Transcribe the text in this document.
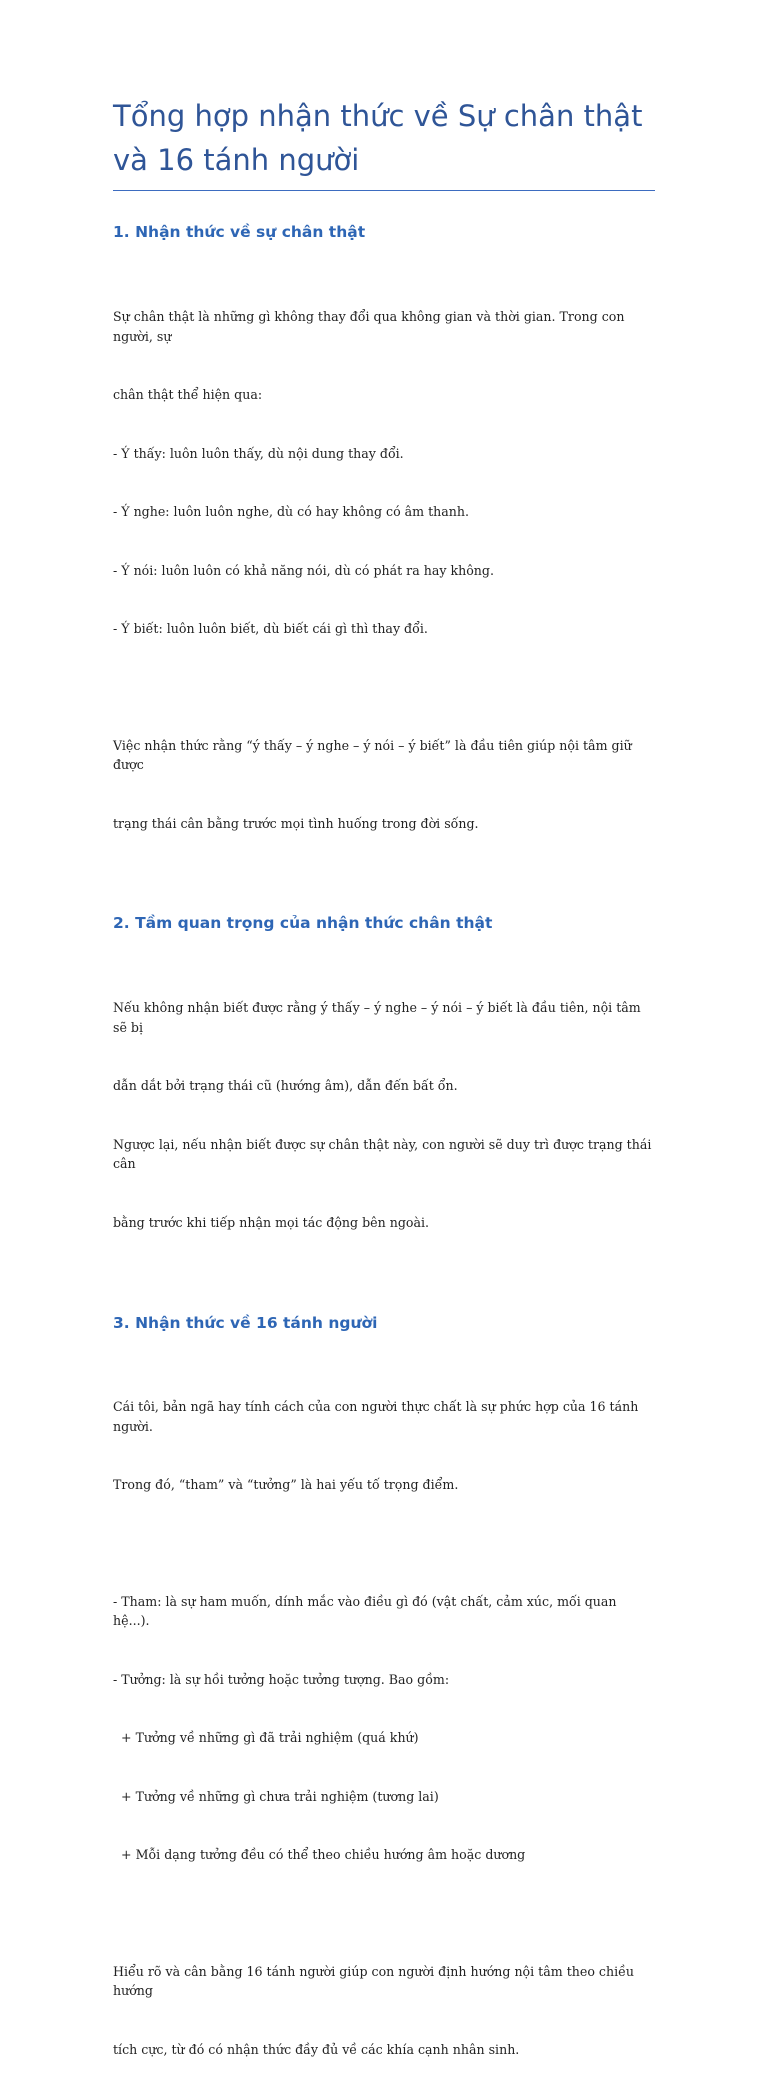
Tổng hợp nhận thức về Sự chân thật và 16 tánh người
1. Nhận thức về sự chân thật

Sự chân thật là những gì không thay đổi qua không gian và thời gian. Trong con người, sự

chân thật thể hiện qua:

- Ý thấy: luôn luôn thấy, dù nội dung thay đổi.

- Ý nghe: luôn luôn nghe, dù có hay không có âm thanh.

- Ý nói: luôn luôn có khả năng nói, dù có phát ra hay không.

- Ý biết: luôn luôn biết, dù biết cái gì thì thay đổi.

Việc nhận thức rằng “ý thấy – ý nghe – ý nói – ý biết” là đầu tiên giúp nội tâm giữ được

trạng thái cân bằng trước mọi tình huống trong đời sống.

2. Tầm quan trọng của nhận thức chân thật

Nếu không nhận biết được rằng ý thấy – ý nghe – ý nói – ý biết là đầu tiên, nội tâm sẽ bị

dẫn dắt bởi trạng thái cũ (hướng âm), dẫn đến bất ổn.

Ngược lại, nếu nhận biết được sự chân thật này, con người sẽ duy trì được trạng thái cân

bằng trước khi tiếp nhận mọi tác động bên ngoài.

3. Nhận thức về 16 tánh người

Cái tôi, bản ngã hay tính cách của con người thực chất là sự phức hợp của 16 tánh người.

Trong đó, “tham” và “tưởng” là hai yếu tố trọng điểm.

- Tham: là sự ham muốn, dính mắc vào điều gì đó (vật chất, cảm xúc, mối quan hệ...).

- Tưởng: là sự hồi tưởng hoặc tưởng tượng. Bao gồm:

+ Tưởng về những gì đã trải nghiệm (quá khứ)

+ Tưởng về những gì chưa trải nghiệm (tương lai)

+ Mỗi dạng tưởng đều có thể theo chiều hướng âm hoặc dương

Hiểu rõ và cân bằng 16 tánh người giúp con người định hướng nội tâm theo chiều hướng

tích cực, từ đó có nhận thức đầy đủ về các khía cạnh nhân sinh.
